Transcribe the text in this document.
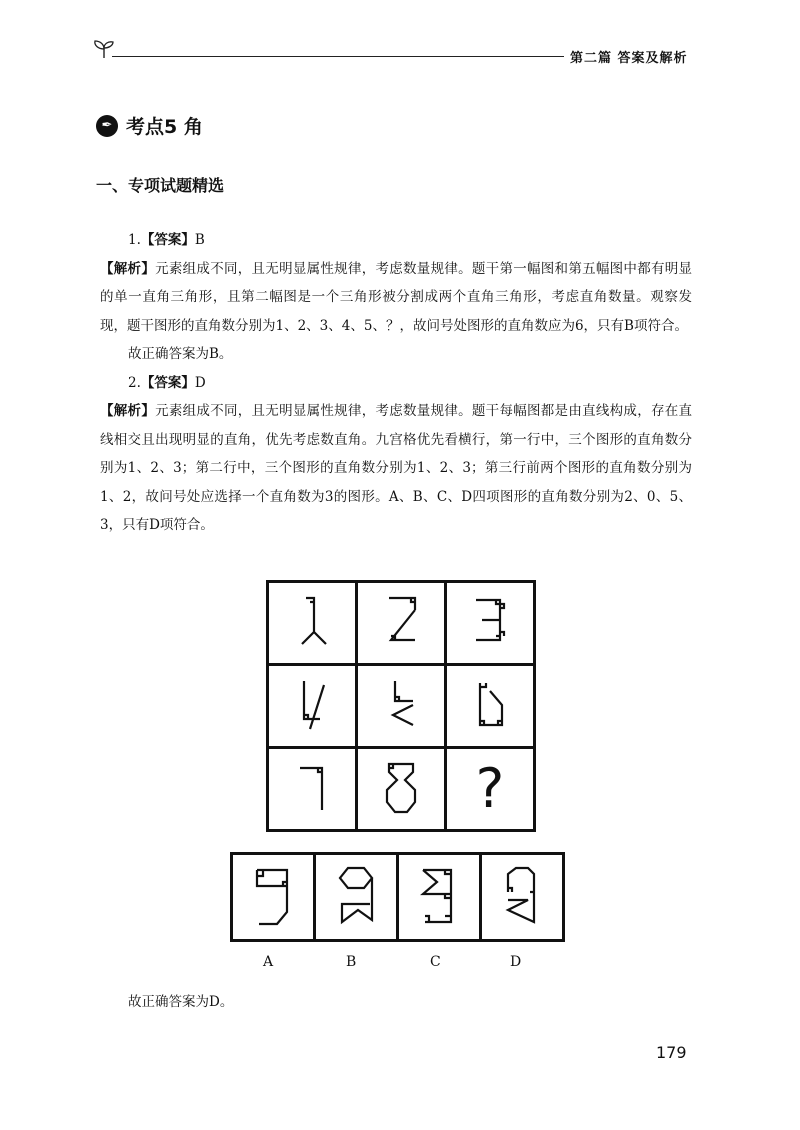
第二篇 答案及解析
✒ 考点5 角
一、专项试题精选

1.【答案】B

【解析】元素组成不同，且无明显属性规律，考虑数量规律。题干第一幅图和第五幅图中都有明显的单一直角三角形，且第二幅图是一个三角形被分割成两个直角三角形，考虑直角数量。观察发现，题干图形的直角数分别为1、2、3、4、5、？，故问号处图形的直角数应为6，只有B项符合。

故正确答案为B。

2.【答案】D

【解析】元素组成不同，且无明显属性规律，考虑数量规律。题干每幅图都是由直线构成，存在直线相交且出现明显的直角，优先考虑数直角。九宫格优先看横行，第一行中，三个图形的直角数分别为1、2、3；第二行中，三个图形的直角数分别为1、2、3；第三行前两个图形的直角数分别为1、2，故问号处应选择一个直角数为3的图形。A、B、C、D四项图形的直角数分别为2、0、5、3，只有D项符合。

		?

A	B	C	D
故正确答案为D。
179
